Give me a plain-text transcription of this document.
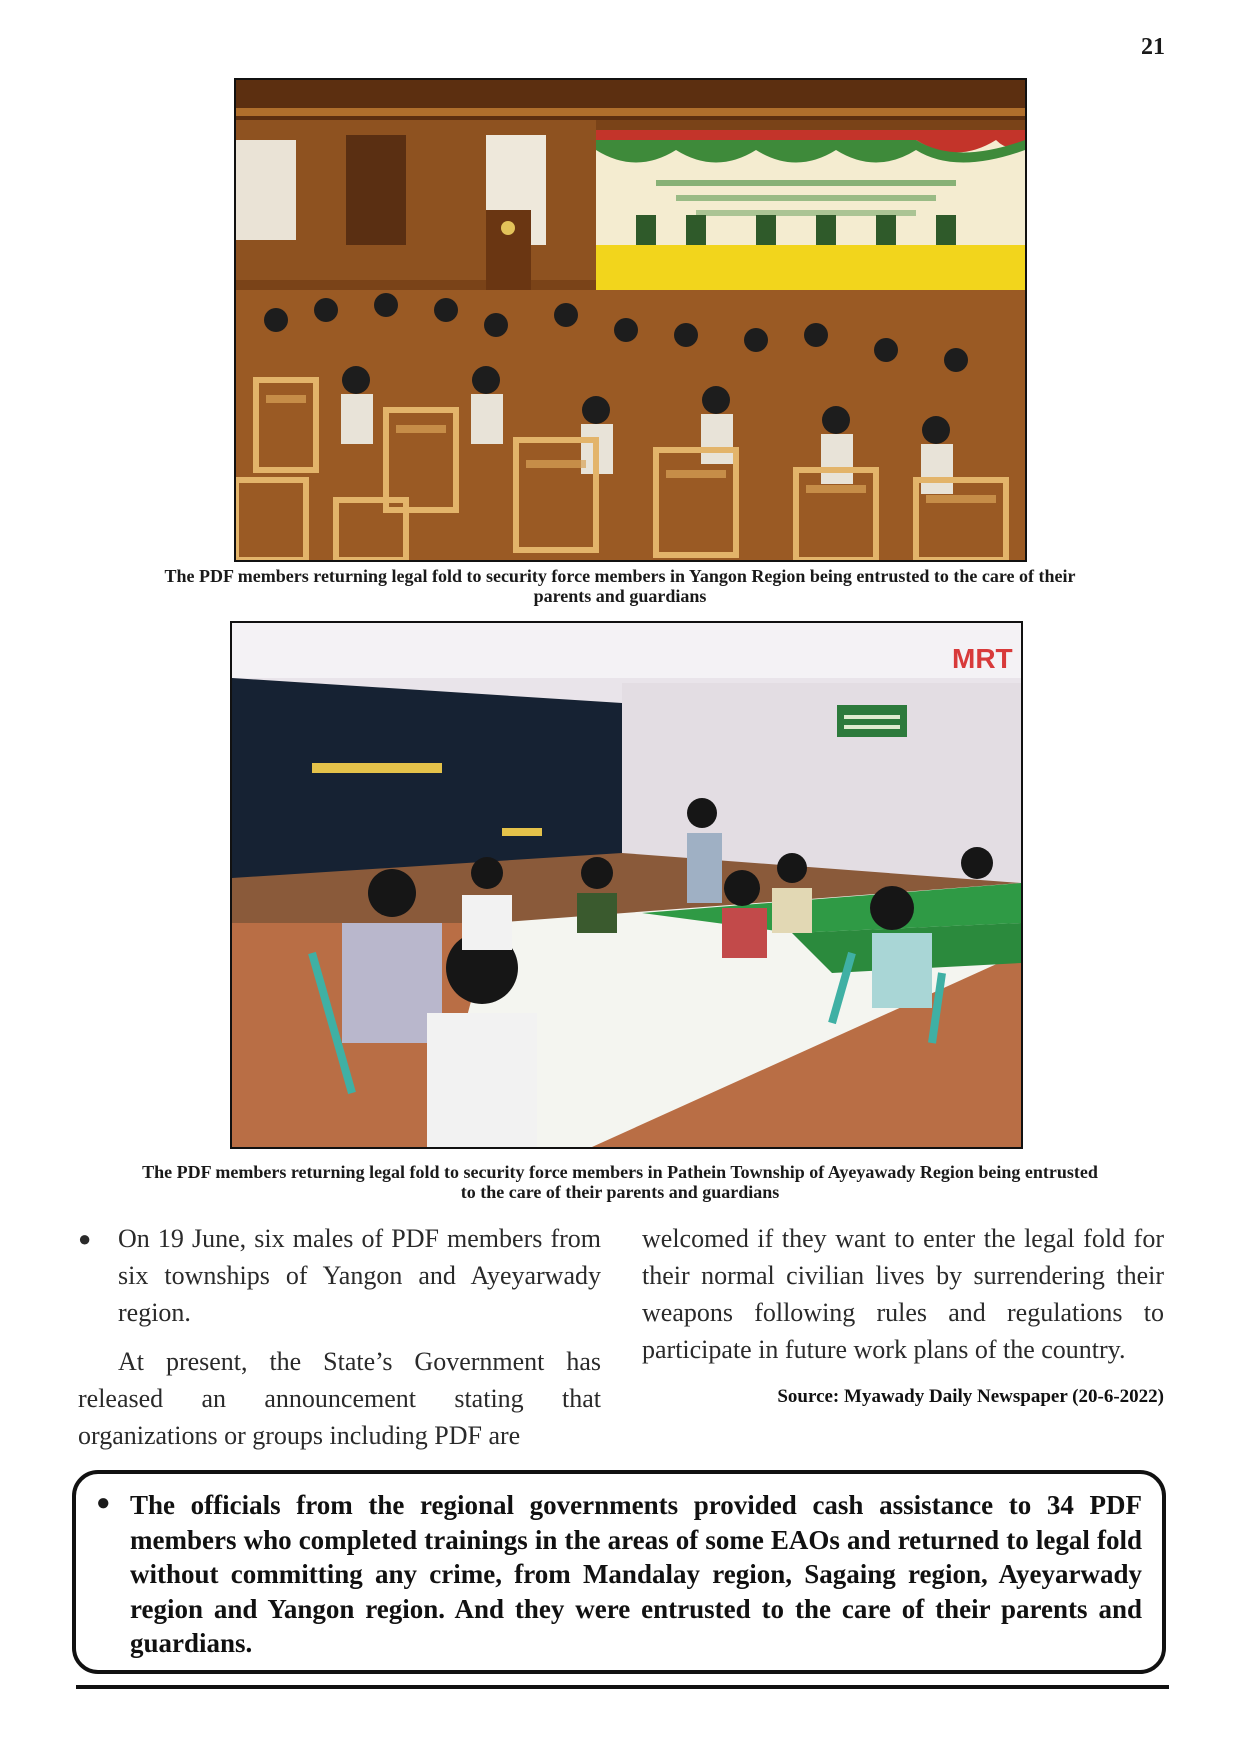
21
The PDF members returning legal fold to security force members in Yangon Region being entrusted to the care of their parents and guardians
MRT
The PDF members returning legal fold to security force members in Pathein Township of Ayeyawady Region being entrusted to the care of their parents and guardians
●	On 19 June, six males of PDF members from six townships of Yangon and Ayeyarwady region.

At present, the State’s Government has released an announcement stating that organizations or groups including PDF are

welcomed if they want to enter the legal fold for their normal civilian lives by surrendering their weapons following rules and regulations to participate in future work plans of the country.

Source: Myawady Daily Newspaper (20-6-2022)
● The officials from the regional governments provided cash assistance to 34 PDF members who completed trainings in the areas of some EAOs and returned to legal fold without committing any crime, from Mandalay region, Sagaing region, Ayeyarwady region and Yangon region. And they were entrusted to the care of their parents and guardians.
